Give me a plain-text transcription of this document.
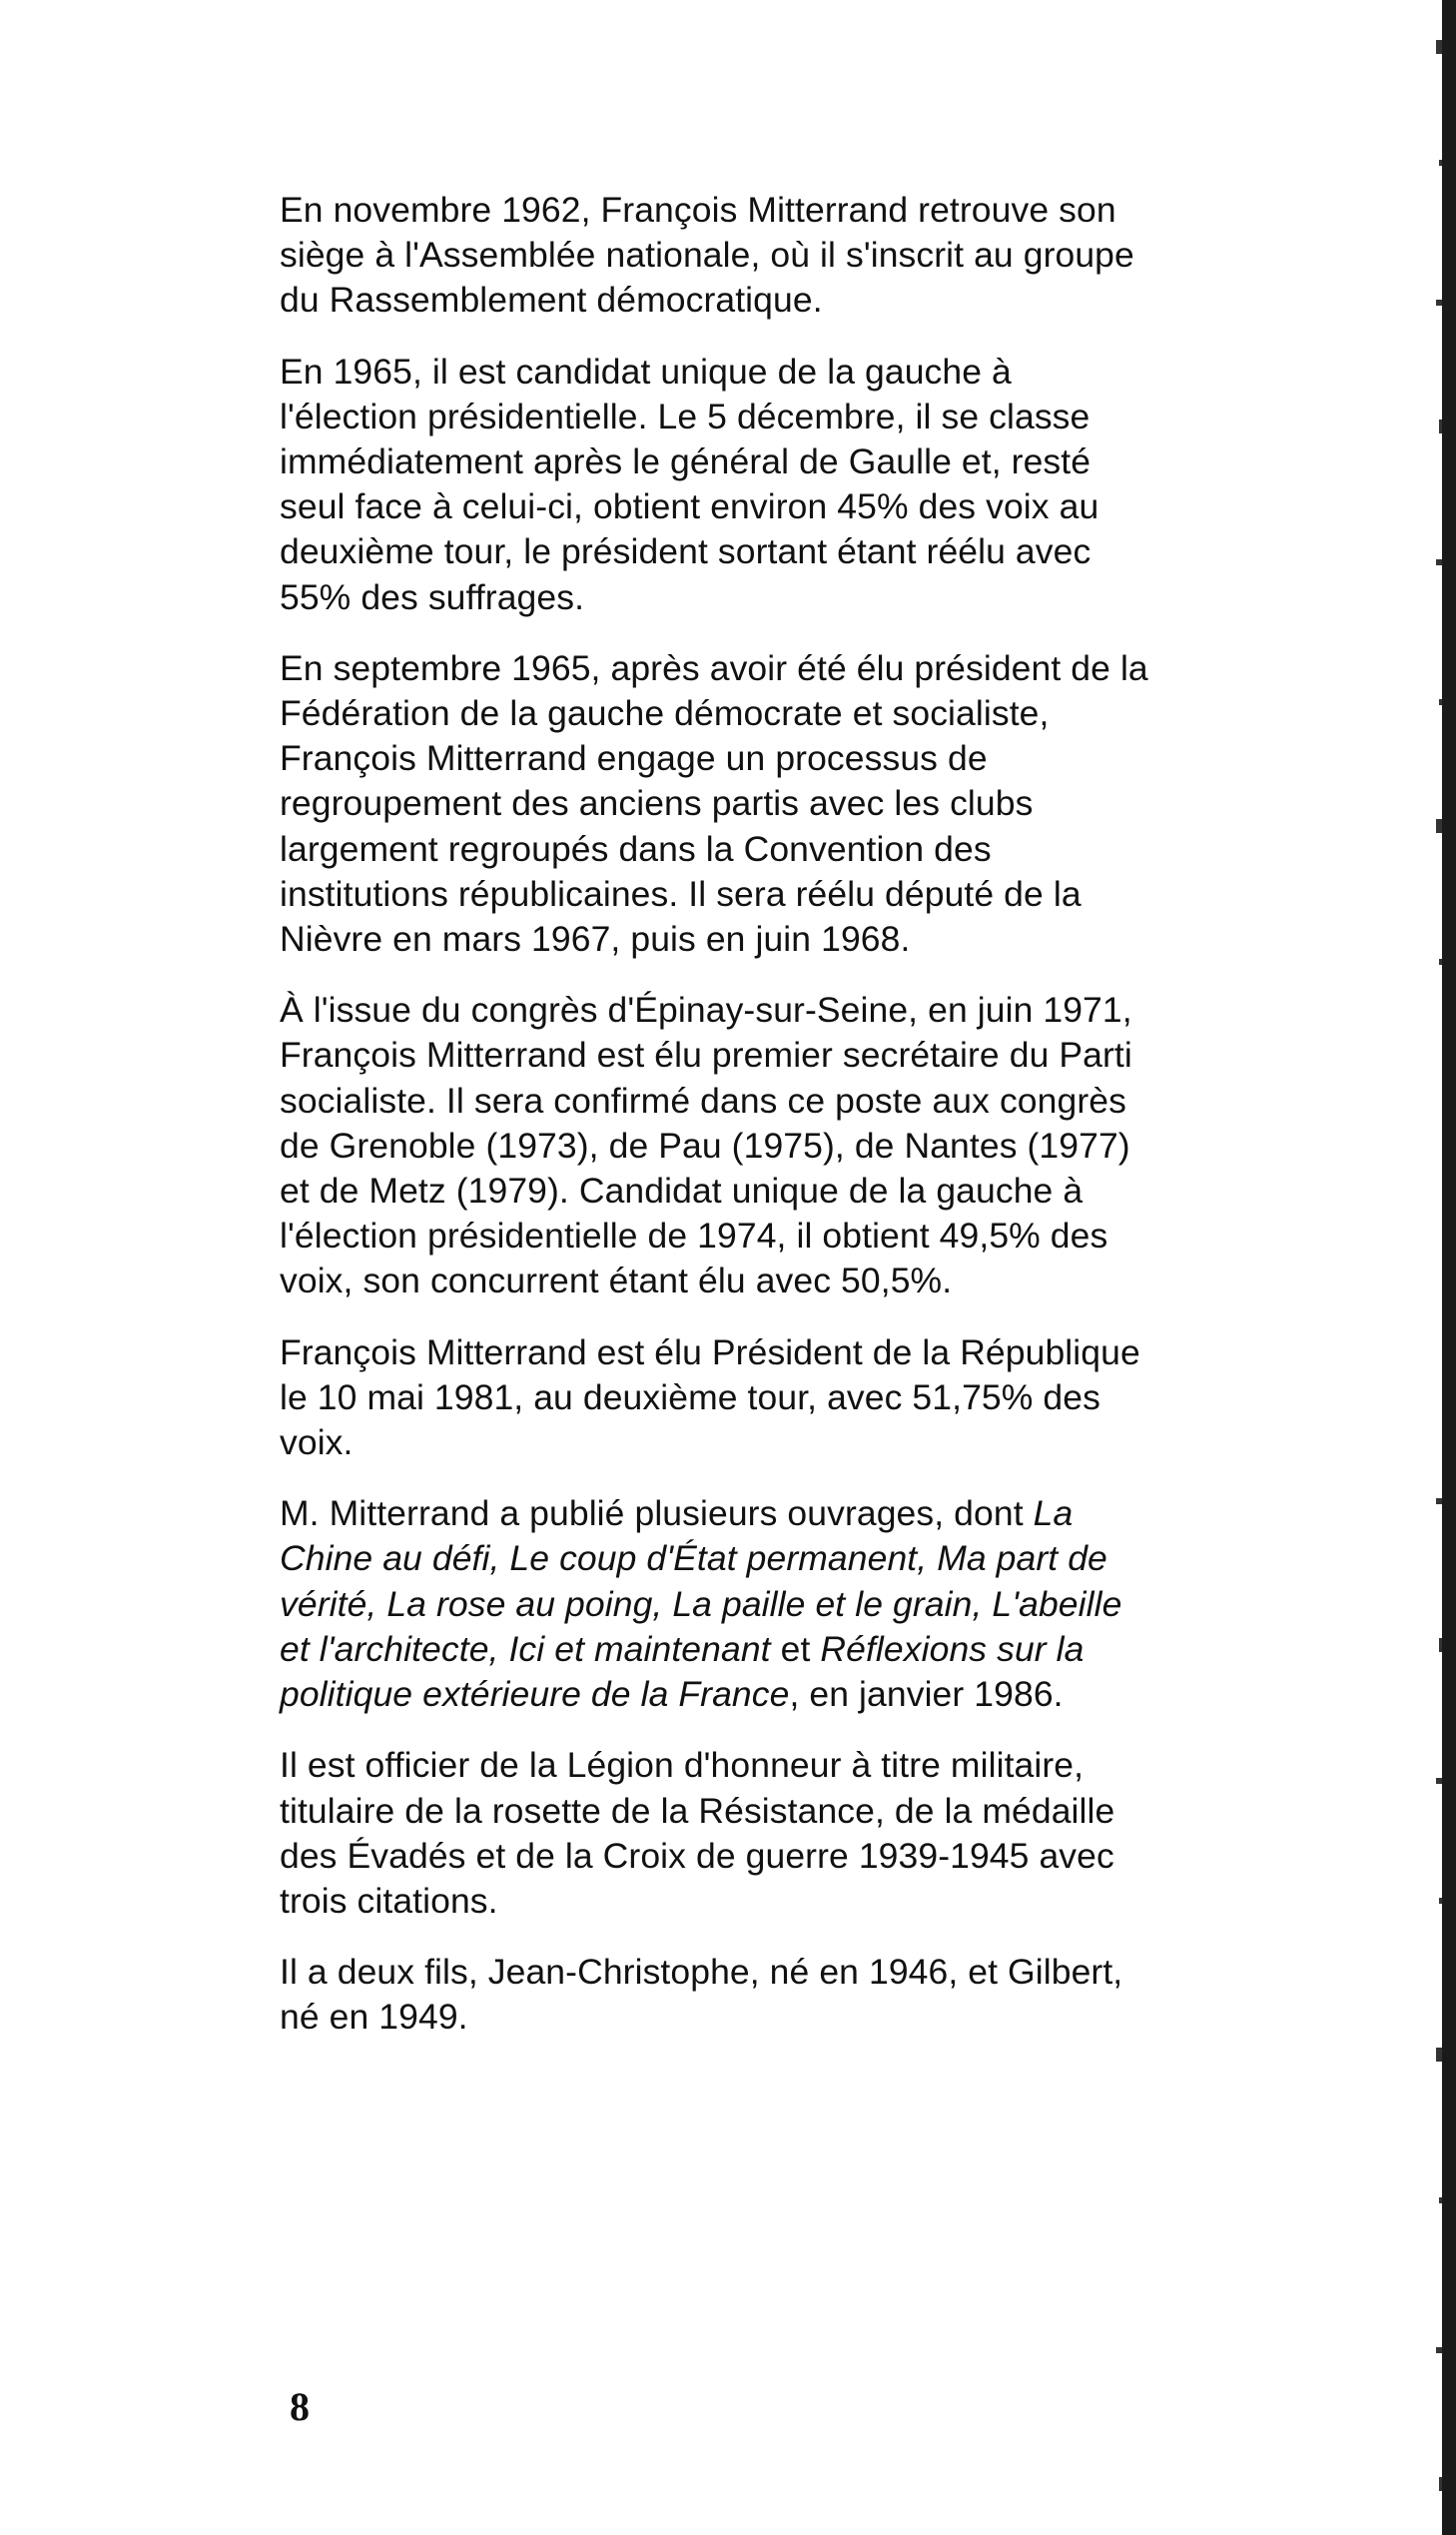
En novembre 1962, François Mitterrand retrouve son
siège à l'Assemblée nationale, où il s'inscrit au groupe
du Rassemblement démocratique.

En 1965, il est candidat unique de la gauche à
l'élection présidentielle. Le 5 décembre, il se classe
immédiatement après le général de Gaulle et, resté
seul face à celui-ci, obtient environ 45% des voix au
deuxième tour, le président sortant étant réélu avec
55% des suffrages.

En septembre 1965, après avoir été élu président de la
Fédération de la gauche démocrate et socialiste,
François Mitterrand engage un processus de
regroupement des anciens partis avec les clubs
largement regroupés dans la Convention des
institutions républicaines. Il sera réélu député de la
Nièvre en mars 1967, puis en juin 1968.

À l'issue du congrès d'Épinay-sur-Seine, en juin 1971,
François Mitterrand est élu premier secrétaire du Parti
socialiste. Il sera confirmé dans ce poste aux congrès
de Grenoble (1973), de Pau (1975), de Nantes (1977)
et de Metz (1979). Candidat unique de la gauche à
l'élection présidentielle de 1974, il obtient 49,5% des
voix, son concurrent étant élu avec 50,5%.

François Mitterrand est élu Président de la République
le 10 mai 1981, au deuxième tour, avec 51,75% des
voix.

M. Mitterrand a publié plusieurs ouvrages, dont La
Chine au défi, Le coup d'État permanent, Ma part de
vérité, La rose au poing, La paille et le grain, L'abeille
et l'architecte, Ici et maintenant et Réflexions sur la
politique extérieure de la France, en janvier 1986.

Il est officier de la Légion d'honneur à titre militaire,
titulaire de la rosette de la Résistance, de la médaille
des Évadés et de la Croix de guerre 1939-1945 avec
trois citations.

Il a deux fils, Jean-Christophe, né en 1946, et Gilbert,
né en 1949.

8
